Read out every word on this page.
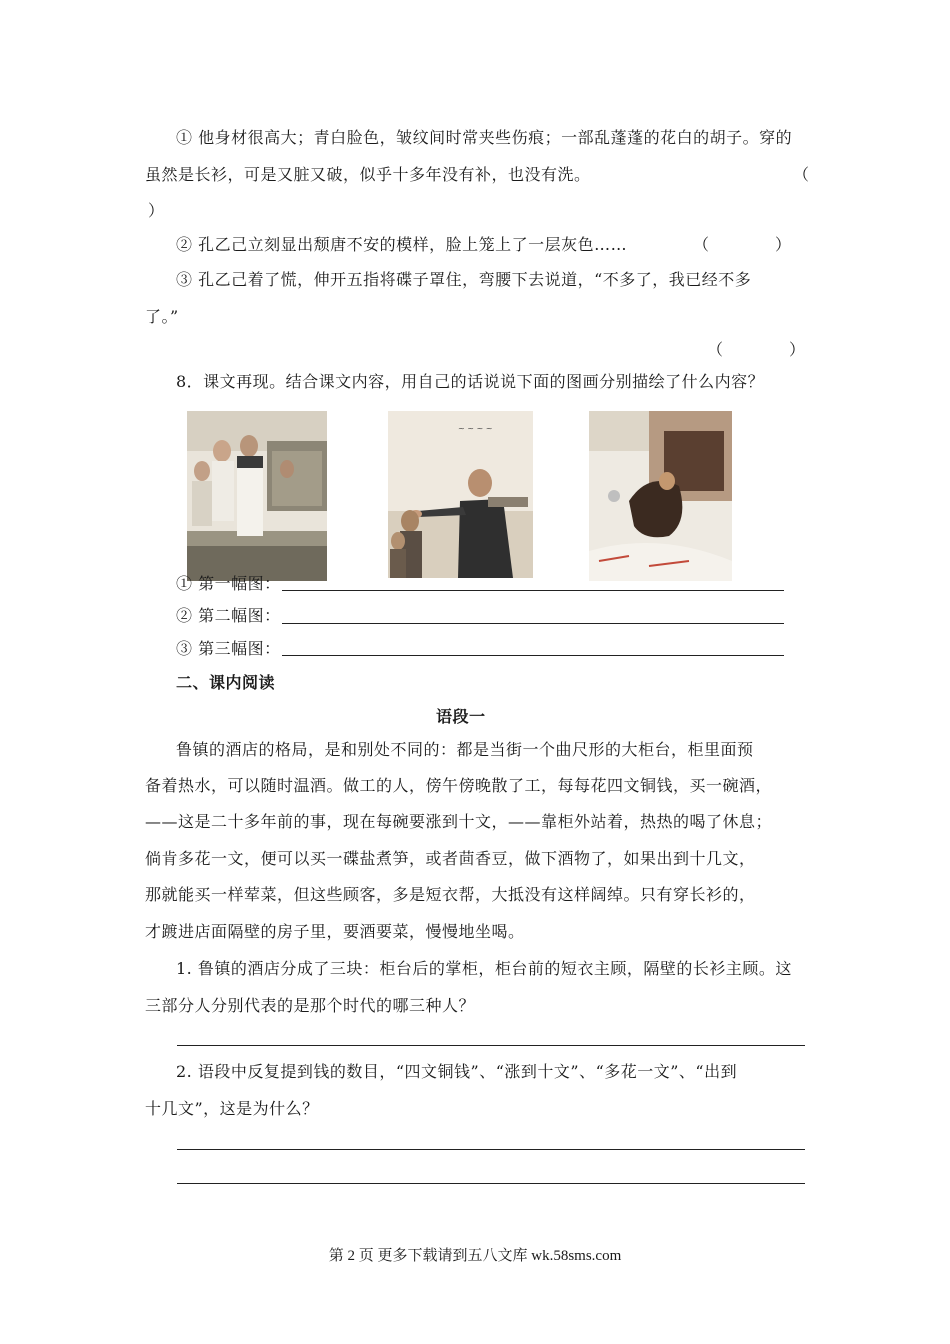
① 他身材很高大；青白脸色，皱纹间时常夹些伤痕；一部乱蓬蓬的花白的胡子。穿的
虽然是长衫，可是又脏又破，似乎十多年没有补，也没有洗。	（
）
② 孔乙己立刻显出颓唐不安的模样，脸上笼上了一层灰色……	（	）
③ 孔乙己着了慌，伸开五指将碟子罩住，弯腰下去说道，“不多了，我已经不多
了。”
（	）
8．课文再现。结合课文内容，用自己的话说说下面的图画分别描绘了什么内容？
~ ~ ~ ~
① 第一幅图：
② 第二幅图：
③ 第三幅图：
二、课内阅读
语段一
鲁镇的酒店的格局，是和别处不同的：都是当街一个曲尺形的大柜台，柜里面预
备着热水，可以随时温酒。做工的人，傍午傍晚散了工，每每花四文铜钱，买一碗酒，
——这是二十多年前的事，现在每碗要涨到十文，——靠柜外站着，热热的喝了休息；
倘肯多花一文，便可以买一碟盐煮笋，或者茴香豆，做下酒物了，如果出到十几文，
那就能买一样荤菜，但这些顾客，多是短衣帮，大抵没有这样阔绰。只有穿长衫的，
才踱进店面隔壁的房子里，要酒要菜，慢慢地坐喝。
1. 鲁镇的酒店分成了三块：柜台后的掌柜，柜台前的短衣主顾，隔壁的长衫主顾。这
三部分人分别代表的是那个时代的哪三种人？
2. 语段中反复提到钱的数目，“四文铜钱”、“涨到十文”、“多花一文”、“出到
十几文”，这是为什么？
第 2 页 更多下载请到五八文库 wk.58sms.com
